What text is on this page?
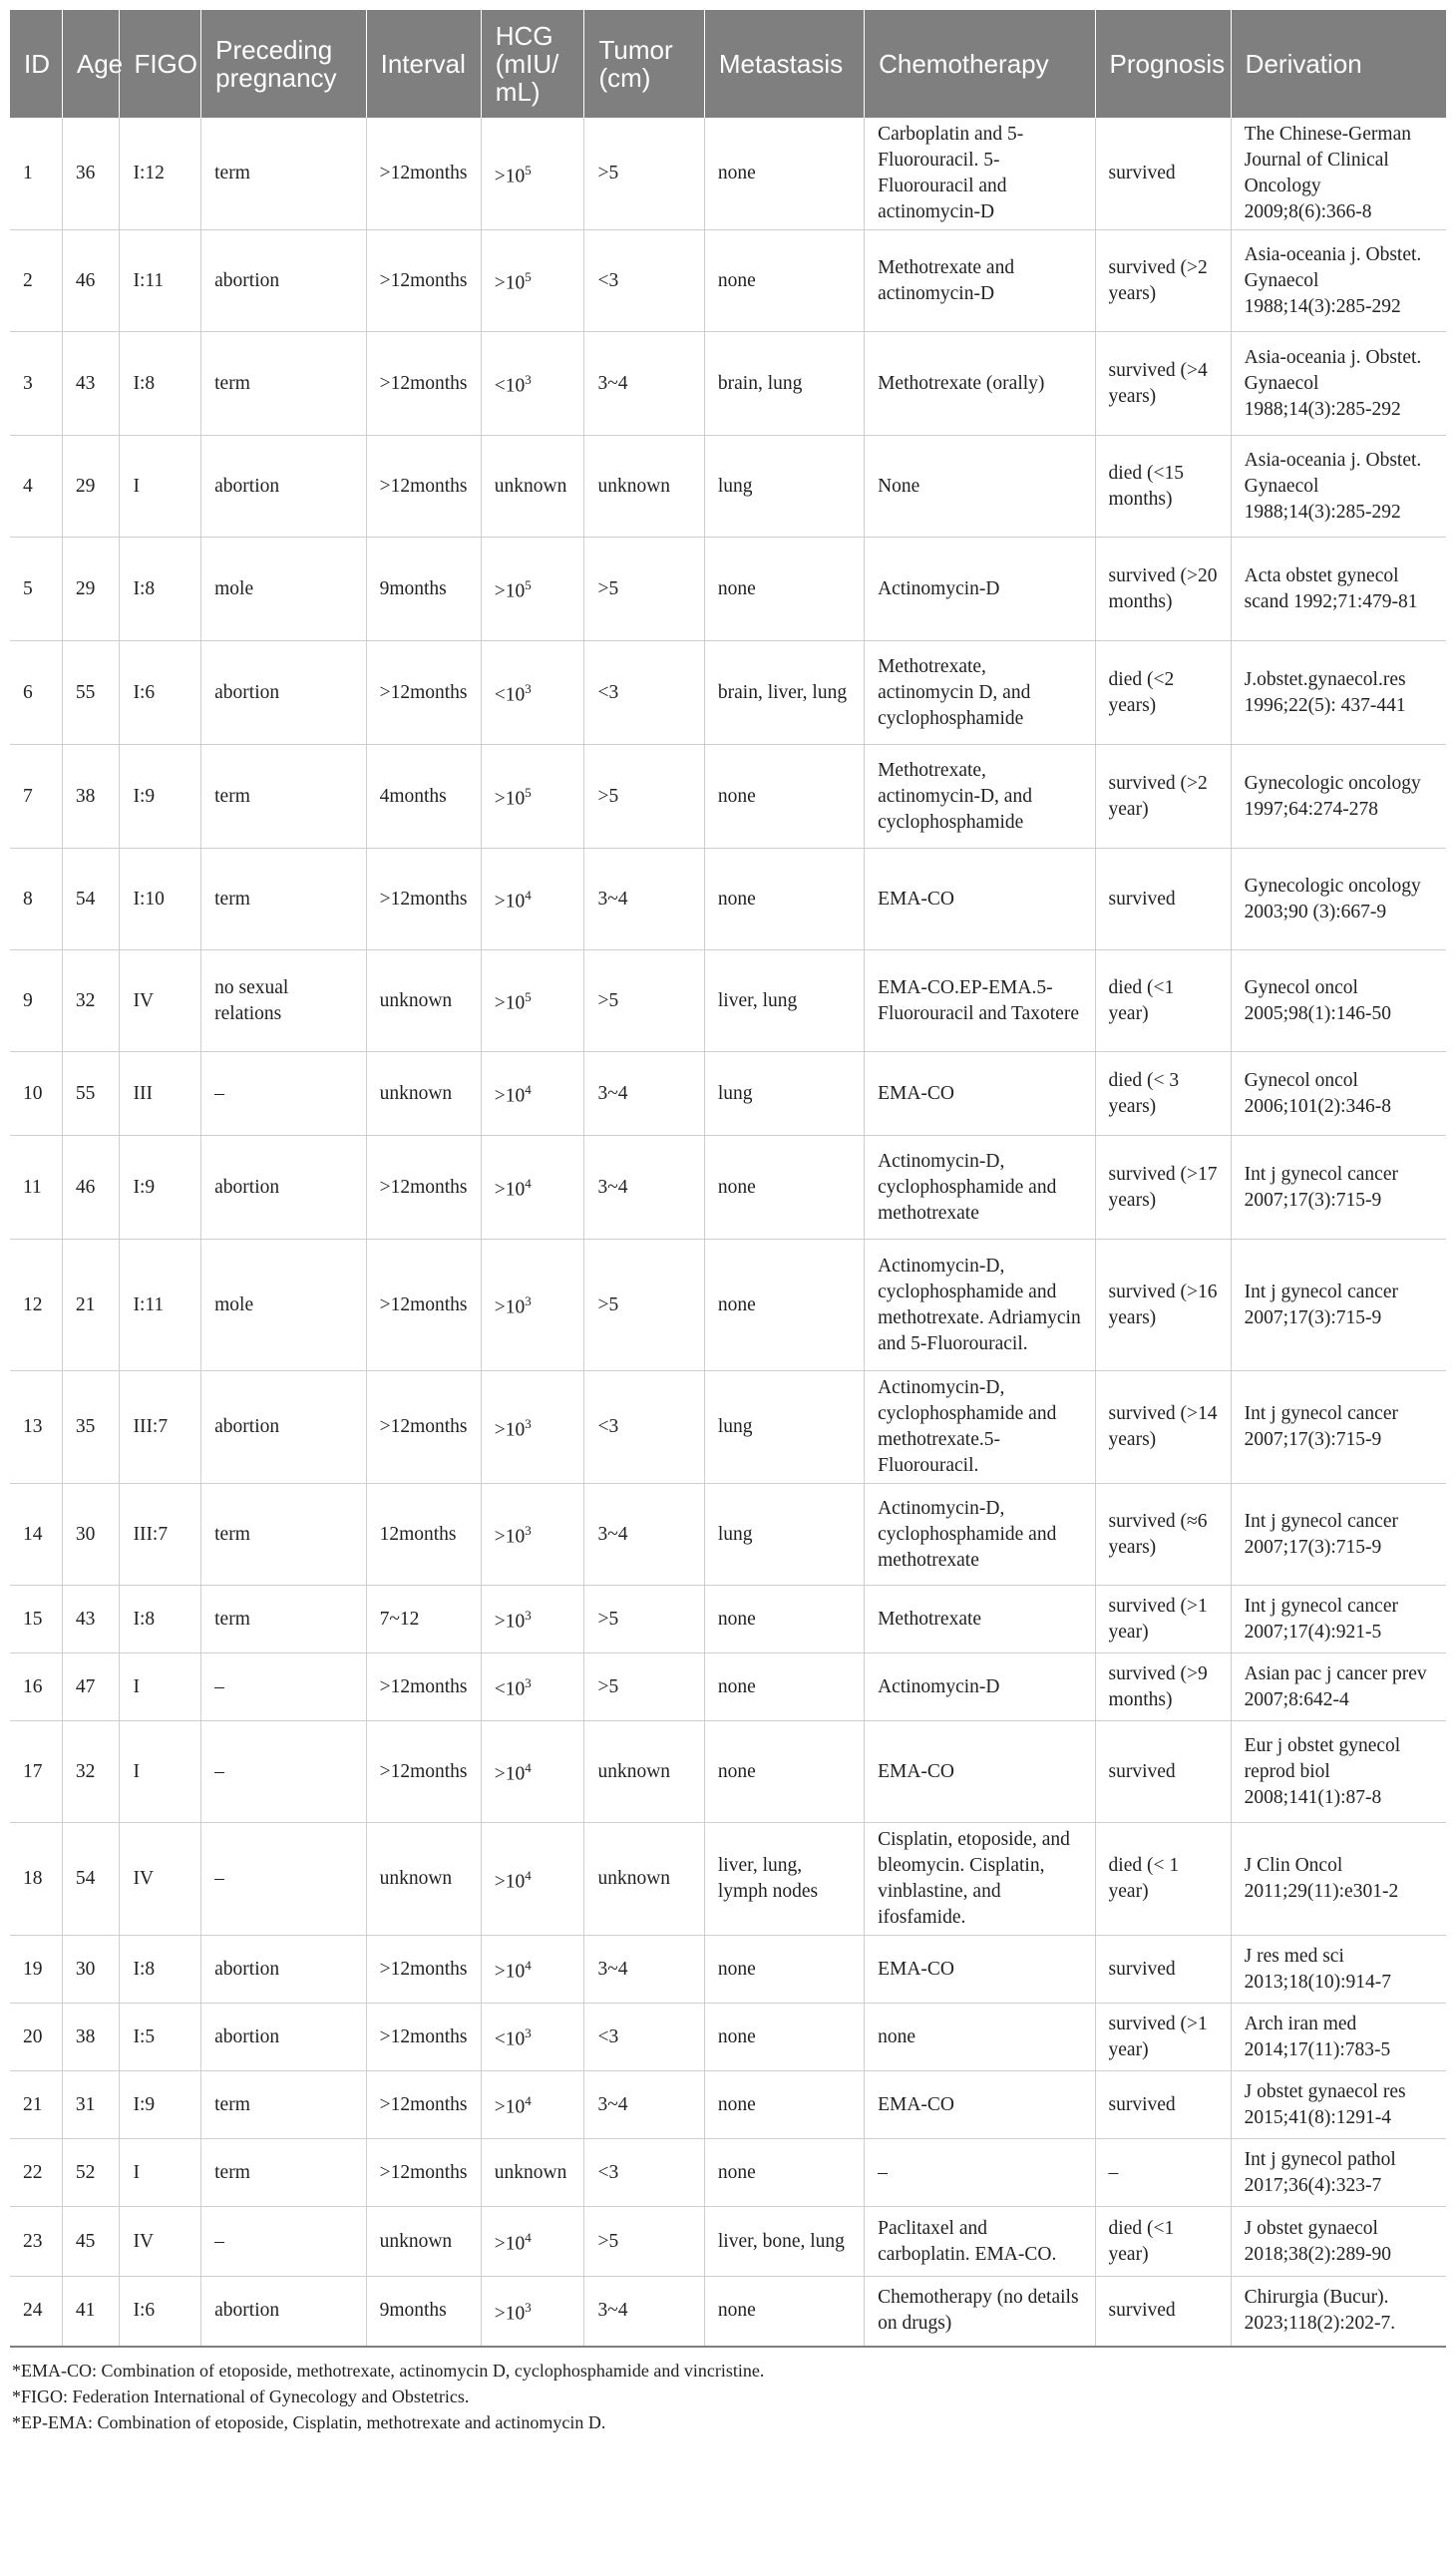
ID	Age	FIGO	Preceding pregnancy	Interval	HCG (mIU/ mL)	Tumor (cm)	Metastasis	Chemotherapy	Prognosis	Derivation
1	36	I:12	term	>12months	$>10^5$	>5	none	Carboplatin and 5-Fluorouracil. 5-Fluorouracil and actinomycin-D	survived	The Chinese-German Journal of Clinical Oncology 2009;8(6):366-8
2	46	I:11	abortion	>12months	$>10^5$	<3	none	Methotrexate and actinomycin-D	survived (>2 years)	Asia-oceania j. Obstet. Gynaecol 1988;14(3):285-292
3	43	I:8	term	>12months	$<10^3$	3~4	brain, lung	Methotrexate (orally)	survived (>4 years)	Asia-oceania j. Obstet. Gynaecol 1988;14(3):285-292
4	29	I	abortion	>12months	unknown	unknown	lung	None	died (<15 months)	Asia-oceania j. Obstet. Gynaecol 1988;14(3):285-292
5	29	I:8	mole	9months	$>10^5$	>5	none	Actinomycin-D	survived (>20 months)	Acta obstet gynecol scand 1992;71:479-81
6	55	I:6	abortion	>12months	$<10^3$	<3	brain, liver, lung	Methotrexate, actinomycin D, and cyclophosphamide	died (<2 years)	J.obstet.gynaecol.res 1996;22(5): 437-441
7	38	I:9	term	4months	$>10^5$	>5	none	Methotrexate, actinomycin-D, and cyclophosphamide	survived (>2 year)	Gynecologic oncology 1997;64:274-278
8	54	I:10	term	>12months	$>10^4$	3~4	none	EMA-CO	survived	Gynecologic oncology 2003;90 (3):667-9
9	32	IV	no sexual relations	unknown	$>10^5$	>5	liver, lung	EMA-CO.EP-EMA.5-Fluorouracil and Taxotere	died (<1 year)	Gynecol oncol 2005;98(1):146-50
10	55	III	–	unknown	$>10^4$	3~4	lung	EMA-CO	died (< 3 years)	Gynecol oncol 2006;101(2):346-8
11	46	I:9	abortion	>12months	$>10^4$	3~4	none	Actinomycin-D, cyclophosphamide and methotrexate	survived (>17 years)	Int j gynecol cancer 2007;17(3):715-9
12	21	I:11	mole	>12months	$>10^3$	>5	none	Actinomycin-D, cyclophosphamide and methotrexate. Adriamycin and 5-Fluorouracil.	survived (>16 years)	Int j gynecol cancer 2007;17(3):715-9
13	35	III:7	abortion	>12months	$>10^3$	<3	lung	Actinomycin-D, cyclophosphamide and methotrexate.5-Fluorouracil.	survived (>14 years)	Int j gynecol cancer 2007;17(3):715-9
14	30	III:7	term	12months	$>10^3$	3~4	lung	Actinomycin-D, cyclophosphamide and methotrexate	survived (≈6 years)	Int j gynecol cancer 2007;17(3):715-9
15	43	I:8	term	7~12	$>10^3$	>5	none	Methotrexate	survived (>1 year)	Int j gynecol cancer 2007;17(4):921-5
16	47	I	–	>12months	$<10^3$	>5	none	Actinomycin-D	survived (>9 months)	Asian pac j cancer prev 2007;8:642-4
17	32	I	–	>12months	$>10^4$	unknown	none	EMA-CO	survived	Eur j obstet gynecol reprod biol 2008;141(1):87-8
18	54	IV	–	unknown	$>10^4$	unknown	liver, lung, lymph nodes	Cisplatin, etoposide, and bleomycin. Cisplatin, vinblastine, and ifosfamide.	died (< 1 year)	J Clin Oncol 2011;29(11):e301-2
19	30	I:8	abortion	>12months	$>10^4$	3~4	none	EMA-CO	survived	J res med sci 2013;18(10):914-7
20	38	I:5	abortion	>12months	$<10^3$	<3	none	none	survived (>1 year)	Arch iran med 2014;17(11):783-5
21	31	I:9	term	>12months	$>10^4$	3~4	none	EMA-CO	survived	J obstet gynaecol res 2015;41(8):1291-4
22	52	I	term	>12months	unknown	<3	none	–	–	Int j gynecol pathol 2017;36(4):323-7
23	45	IV	–	unknown	$>10^4$	>5	liver, bone, lung	Paclitaxel and carboplatin. EMA-CO.	died (<1 year)	J obstet gynaecol 2018;38(2):289-90
24	41	I:6	abortion	9months	$>10^3$	3~4	none	Chemotherapy (no details on drugs)	survived	Chirurgia (Bucur). 2023;118(2):202-7.
*EMA-CO: Combination of etoposide, methotrexate, actinomycin D, cyclophosphamide and vincristine.
*FIGO: Federation International of Gynecology and Obstetrics.
*EP-EMA: Combination of etoposide, Cisplatin, methotrexate and actinomycin D.
